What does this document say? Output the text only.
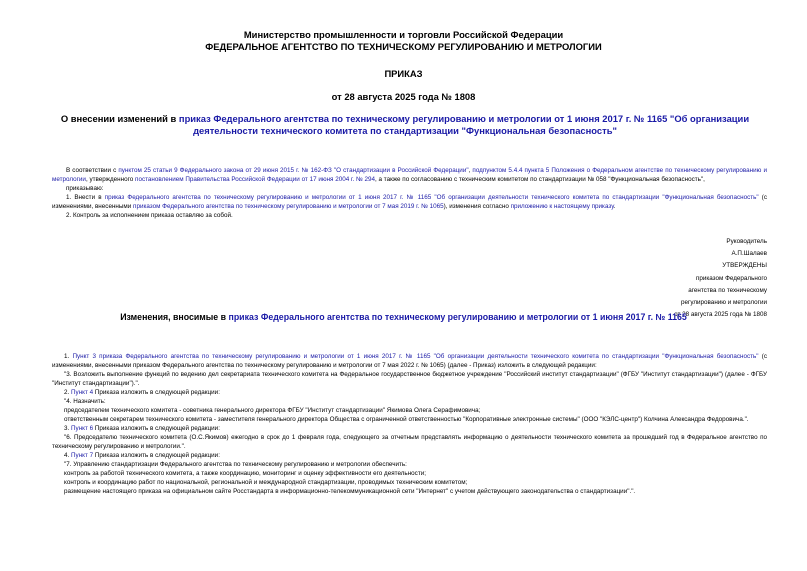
Министерство промышленности и торговли Российской Федерации
ФЕДЕРАЛЬНОЕ АГЕНТСТВО ПО ТЕХНИЧЕСКОМУ РЕГУЛИРОВАНИЮ И МЕТРОЛОГИИ
ПРИКАЗ
от 28 августа 2025 года № 1808
О внесении изменений в приказ Федерального агентства по техническому регулированию и метрологии от 1 июня 2017 г. № 1165 "Об организации деятельности технического комитета по стандартизации "Функциональная безопасность"
В соответствии с пунктом 25 статьи 9 Федерального закона от 29 июня 2015 г. № 162-ФЗ "О стандартизации в Российской Федерации", подпунктом 5.4.4 пункта 5 Положения о Федеральном агентстве по техническому регулированию и метрологии, утвержденного постановлением Правительства Российской Федерации от 17 июня 2004 г. № 294, а также по согласованию с техническим комитетом по стандартизации № 058 "Функциональная безопасность",
приказываю:
1. Внести в приказ Федерального агентства по техническому регулированию и метрологии от 1 июня 2017 г. № 1165 "Об организации деятельности технического комитета по стандартизации "Функциональная безопасность" (с изменениями, внесенными приказом Федерального агентства по техническому регулированию и метрологии от 7 мая 2019 г. № 1065), изменения согласно приложению к настоящему приказу.
2. Контроль за исполнением приказа оставляю за собой.
Руководитель
А.П.Шалаев
УТВЕРЖДЕНЫ
приказом Федерального
агентства по техническому
регулированию и метрологии
от 28 августа 2025 года № 1808
Изменения, вносимые в приказ Федерального агентства по техническому регулированию и метрологии от 1 июня 2017 г. № 1165
1. Пункт 3 приказа Федерального агентства по техническому регулированию и метрологии от 1 июня 2017 г. № 1165 "Об организации деятельности технического комитета по стандартизации "Функциональная безопасность" (с изменениями, внесенными приказом Федерального агентства по техническому регулированию и метрологии от 7 мая 2022 г. № 1065) (далее - Приказ) изложить в следующей редакции:
"3. Возложить выполнение функций по ведению дел секретариата технического комитета на Федеральное государственное бюджетное учреждение "Российский институт стандартизации" (ФГБУ "Институт стандартизации") (далее - ФГБУ "Институт стандартизации").".
2. Пункт 4 Приказа изложить в следующей редакции:
"4. Назначить:
председателем технического комитета - советника генерального директора ФГБУ "Институт стандартизации" Якимова Олега Серафимовича;
ответственным секретарем технического комитета - заместителя генерального директора Общества с ограниченной ответственностью "Корпоративные электронные системы" (ООО "КЭЛС-центр") Колчина Александра Федоровича.".
3. Пункт 6 Приказа изложить в следующей редакции:
"6. Председателю технического комитета (О.С.Якимов) ежегодно в срок до 1 февраля года, следующего за отчетным представлять информацию о деятельности технического комитета за прошедший год в Федеральное агентство по техническому регулированию и метрологии.".
4. Пункт 7 Приказа изложить в следующей редакции:
"7. Управлению стандартизации Федерального агентства по техническому регулированию и метрологии обеспечить:
контроль за работой технического комитета, а также координацию, мониторинг и оценку эффективности его деятельности;
контроль и координацию работ по национальной, региональной и международной стандартизации, проводимых техническим комитетом;
размещение настоящего приказа на официальном сайте Росстандарта в информационно-телекоммуникационной сети "Интернет" с учетом действующего законодательства о стандартизации".".
